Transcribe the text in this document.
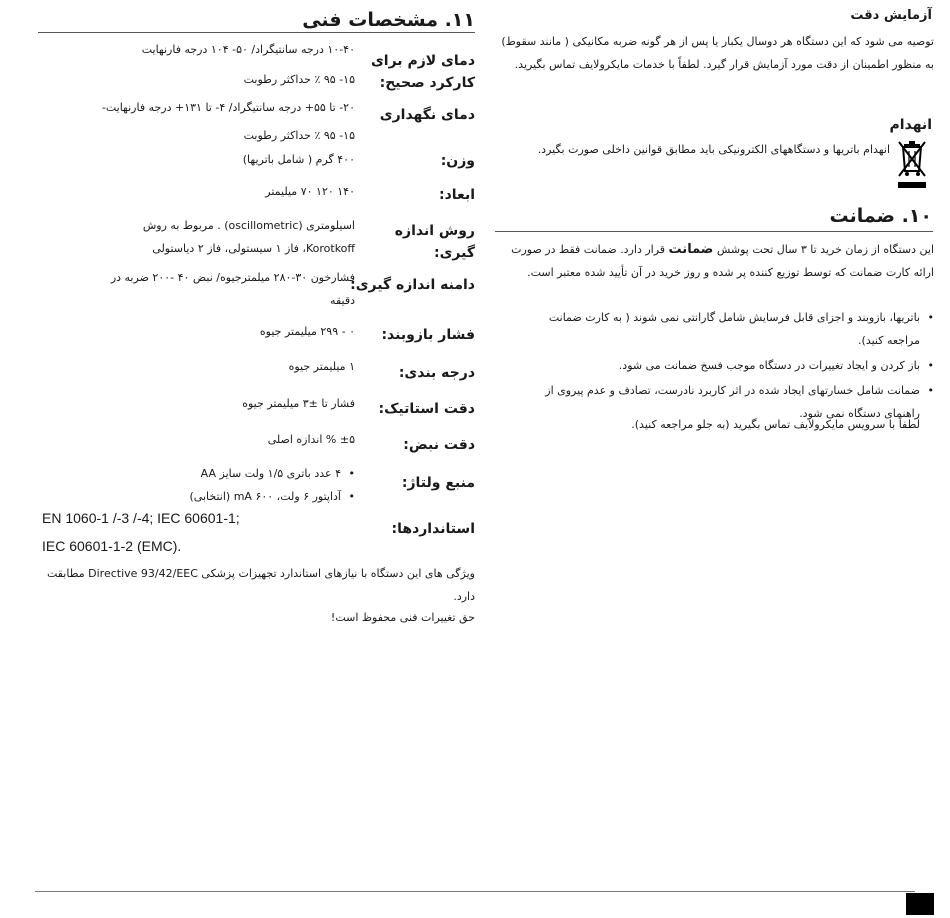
آزمایش دقت
توصیه می شود که این دستگاه هر دوسال یکبار یا پس از هر گونه ضربه مکانیکی ( مانند سقوط) به منظور اطمینان از دقت مورد آزمایش قرار گیرد. لطفاً با خدمات مایکرولایف تماس بگیرید.
انهدام
انهدام باتریها و دستگاههای الکترونیکی باید مطابق قوانین داخلی صورت بگیرد.
۱۰. ضمانت
این دستگاه از زمان خرید تا ۳ سال تحت پوشش ضمانت قرار دارد. ضمانت فقط در صورت ارائه کارت ضمانت که توسط توزیع کننده پر شده و روز خرید در آن تأیید شده معتبر است.
• باتریها، بازوبند و اجزای قابل فرسایش شامل گارانتی نمی شوند ( به کارت ضمانت مراجعه کنید).
• باز کردن و ایجاد تغییرات در دستگاه موجب فسخ ضمانت می شود.
• ضمانت شامل خسارتهای ایجاد شده در اثر کاربرد نادرست، تصادف و عدم پیروی از راهنمای دستگاه نمی شود.
لطفاً با سرویس مایکرولایف تماس بگیرید (به جلو مراجعه کنید).
۱۱. مشخصات فنی
دمای لازم برای کارکرد صحیح:
۱۰-۴۰ درجه سانتیگراد/ ۵۰- ۱۰۴ درجه فارنهایت
۱۵- ۹۵ ٪ حداکثر رطوبت
دمای نگهداری
۲۰- تا ۵۵+ درجه سانتیگراد/ ۴- تا ۱۳۱+ درجه فارنهایت-
۱۵- ۹۵ ٪ حداکثر رطوبت
وزن:
۴۰۰ گرم ( شامل باتریها)
ابعاد:
۱۴۰ ۱۲۰ ۷۰ میلیمتر
روش اندازه گیری:
اسیلومتری (oscillometric) . مربوط به روش
Korotkoff، فاز ۱ سیستولی، فاز ۲ دیاستولی
دامنه اندازه گیری:
فشارخون ۳۰-۲۸۰ میلمترجیوه/ نبض ۴۰ -۲۰۰ ضربه در
دقیقه
فشار بازوبند:
۰ - ۲۹۹ میلیمتر جیوه
درجه بندی:
۱ میلیمتر جیوه
دقت استاتیک:
فشار تا ±۳ میلیمتر جیوه
دقت نبض:
±۵ % اندازه اصلی
منبع ولتاژ:
• ۴ عدد باتری ۱/۵ ولت سایز AA
• آداپتور ۶ ولت، ۶۰۰ mA (انتخابی)
استانداردها:
EN 1060-1 /-3 /-4; IEC 60601-1;
IEC 60601-1-2 (EMC).
ویژگی های این دستگاه با نیازهای استاندارد تجهیزات پزشکی Directive 93/42/EEC مطابقت دارد.
حق تغییرات فنی محفوظ است!
